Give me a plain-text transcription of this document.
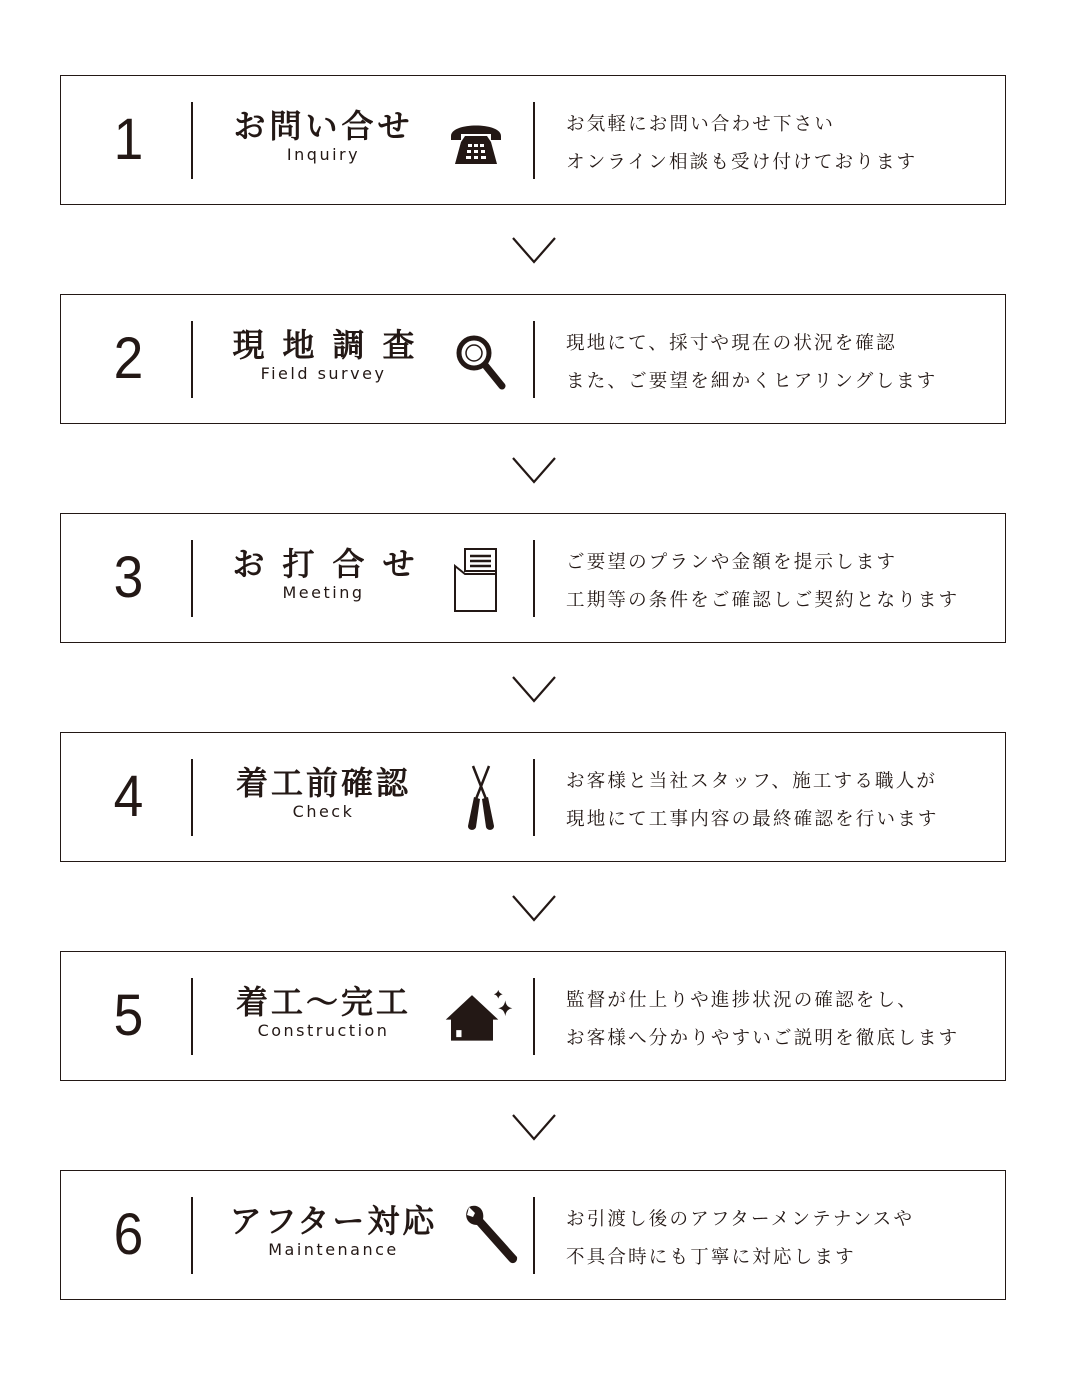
1	お問い合せ
Inquiry
お気軽にお問い合わせ下さい
オンライン相談も受け付けております
2	現地調査
Field survey
現地にて、採寸や現在の状況を確認
また、ご要望を細かくヒアリングします
3	お打合せ
Meeting
ご要望のプランや金額を提示します
工期等の条件をご確認しご契約となります
4	着工前確認
Check
お客様と当社スタッフ、施工する職人が
現地にて工事内容の最終確認を行います
5	着工～完工
Construction
監督が仕上りや進捗状況の確認をし、
お客様へ分かりやすいご説明を徹底します
6	アフター対応
Maintenance
お引渡し後のアフターメンテナンスや
不具合時にも丁寧に対応します
